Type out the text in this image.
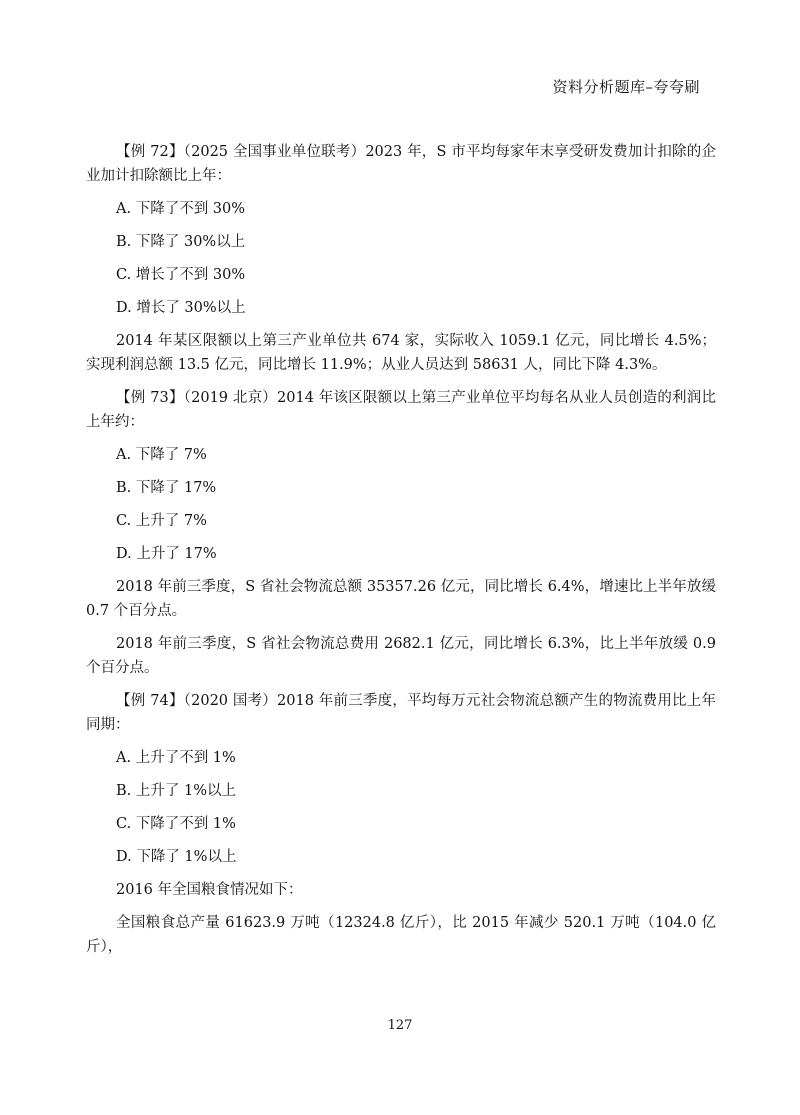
资料分析题库–夸夸刷

【例 72】（2025 全国事业单位联考）2023 年，S 市平均每家年末享受研发费加计扣除的企业加计扣除额比上年：

A. 下降了不到 30%

B. 下降了 30%以上

C. 增长了不到 30%

D. 增长了 30%以上

2014 年某区限额以上第三产业单位共 674 家，实际收入 1059.1 亿元，同比增长 4.5%；实现利润总额 13.5 亿元，同比增长 11.9%；从业人员达到 58631 人，同比下降 4.3%。

【例 73】（2019 北京）2014 年该区限额以上第三产业单位平均每名从业人员创造的利润比上年约：

A. 下降了 7%

B. 下降了 17%

C. 上升了 7%

D. 上升了 17%

2018 年前三季度，S 省社会物流总额 35357.26 亿元，同比增长 6.4%，增速比上半年放缓 0.7 个百分点。

2018 年前三季度，S 省社会物流总费用 2682.1 亿元，同比增长 6.3%，比上半年放缓 0.9 个百分点。

【例 74】（2020 国考）2018 年前三季度，平均每万元社会物流总额产生的物流费用比上年同期：

A. 上升了不到 1%

B. 上升了 1%以上

C. 下降了不到 1%

D. 下降了 1%以上

2016 年全国粮食情况如下：

全国粮食总产量 61623.9 万吨（12324.8 亿斤），比 2015 年减少 520.1 万吨（104.0 亿斤），

127
